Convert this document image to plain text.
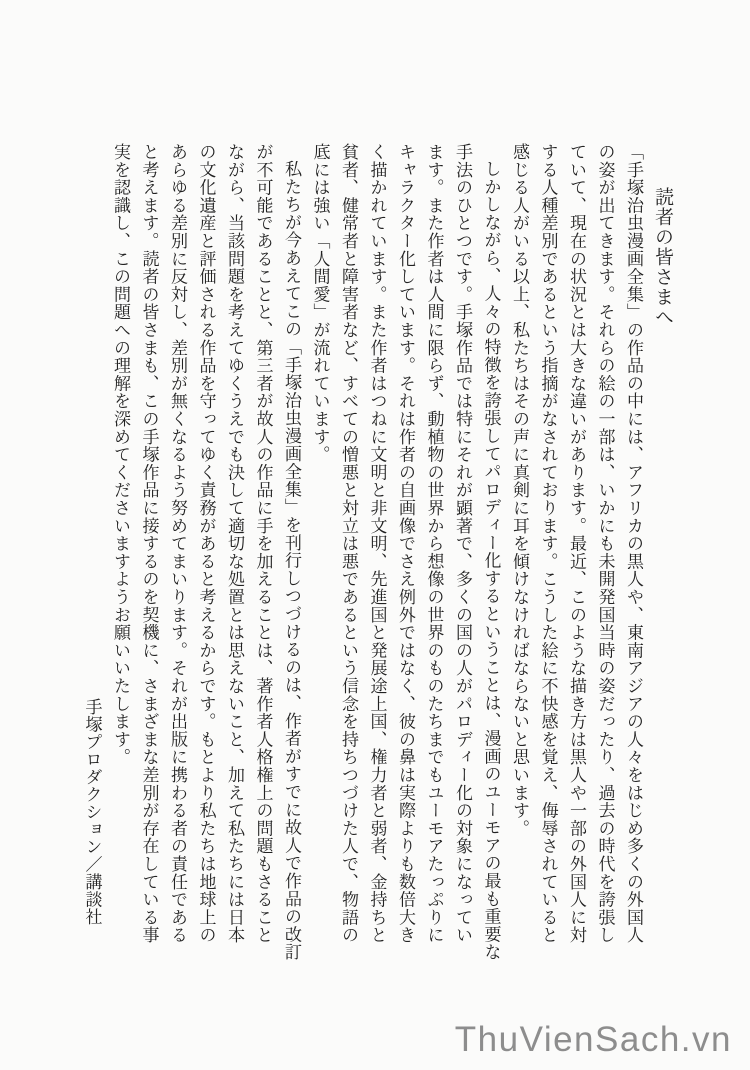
読者の皆さまへ

「手塚治虫漫画全集」の作品の中には、アフリカの黒人や、東南アジアの人々をはじめ多くの外国人の姿が出てきます。それらの絵の一部は、いかにも未開発国当時の姿だったり、過去の時代を誇張していて、現在の状況とは大きな違いがあります。最近、このような描き方は黒人や一部の外国人に対する人種差別であるという指摘がなされております。こうした絵に不快感を覚え、侮辱されていると感じる人がいる以上、私たちはその声に真剣に耳を傾けなければならないと思います。

しかしながら、人々の特徴を誇張してパロディー化するということは、漫画のユーモアの最も重要な手法のひとつです。手塚作品では特にそれが顕著で、多くの国の人がパロディー化の対象になっています。また作者は人間に限らず、動植物の世界から想像の世界のものたちまでもユーモアたっぷりにキャラクター化しています。それは作者の自画像でさえ例外ではなく、彼の鼻は実際よりも数倍大きく描かれています。また作者はつねに文明と非文明、先進国と発展途上国、権力者と弱者、金持ちと貧者、健常者と障害者など、すべての憎悪と対立は悪であるという信念を持ちつづけた人で、物語の底には強い「人間愛」が流れています。

私たちが今あえてこの「手塚治虫漫画全集」を刊行しつづけるのは、作者がすでに故人で作品の改訂が不可能であることと、第三者が故人の作品に手を加えることは、著作者人格権上の問題もさることながら、当該問題を考えてゆくうえでも決して適切な処置とは思えないこと、加えて私たちには日本の文化遺産と評価される作品を守ってゆく責務があると考えるからです。もとより私たちは地球上のあらゆる差別に反対し、差別が無くなるよう努めてまいります。それが出版に携わる者の責任であると考えます。読者の皆さまも、この手塚作品に接するのを契機に、さまざまな差別が存在している事実を認識し、この問題への理解を深めてくださいますようお願いいたします。

手塚プロダクション／講談社

ThuVienSach.vn
